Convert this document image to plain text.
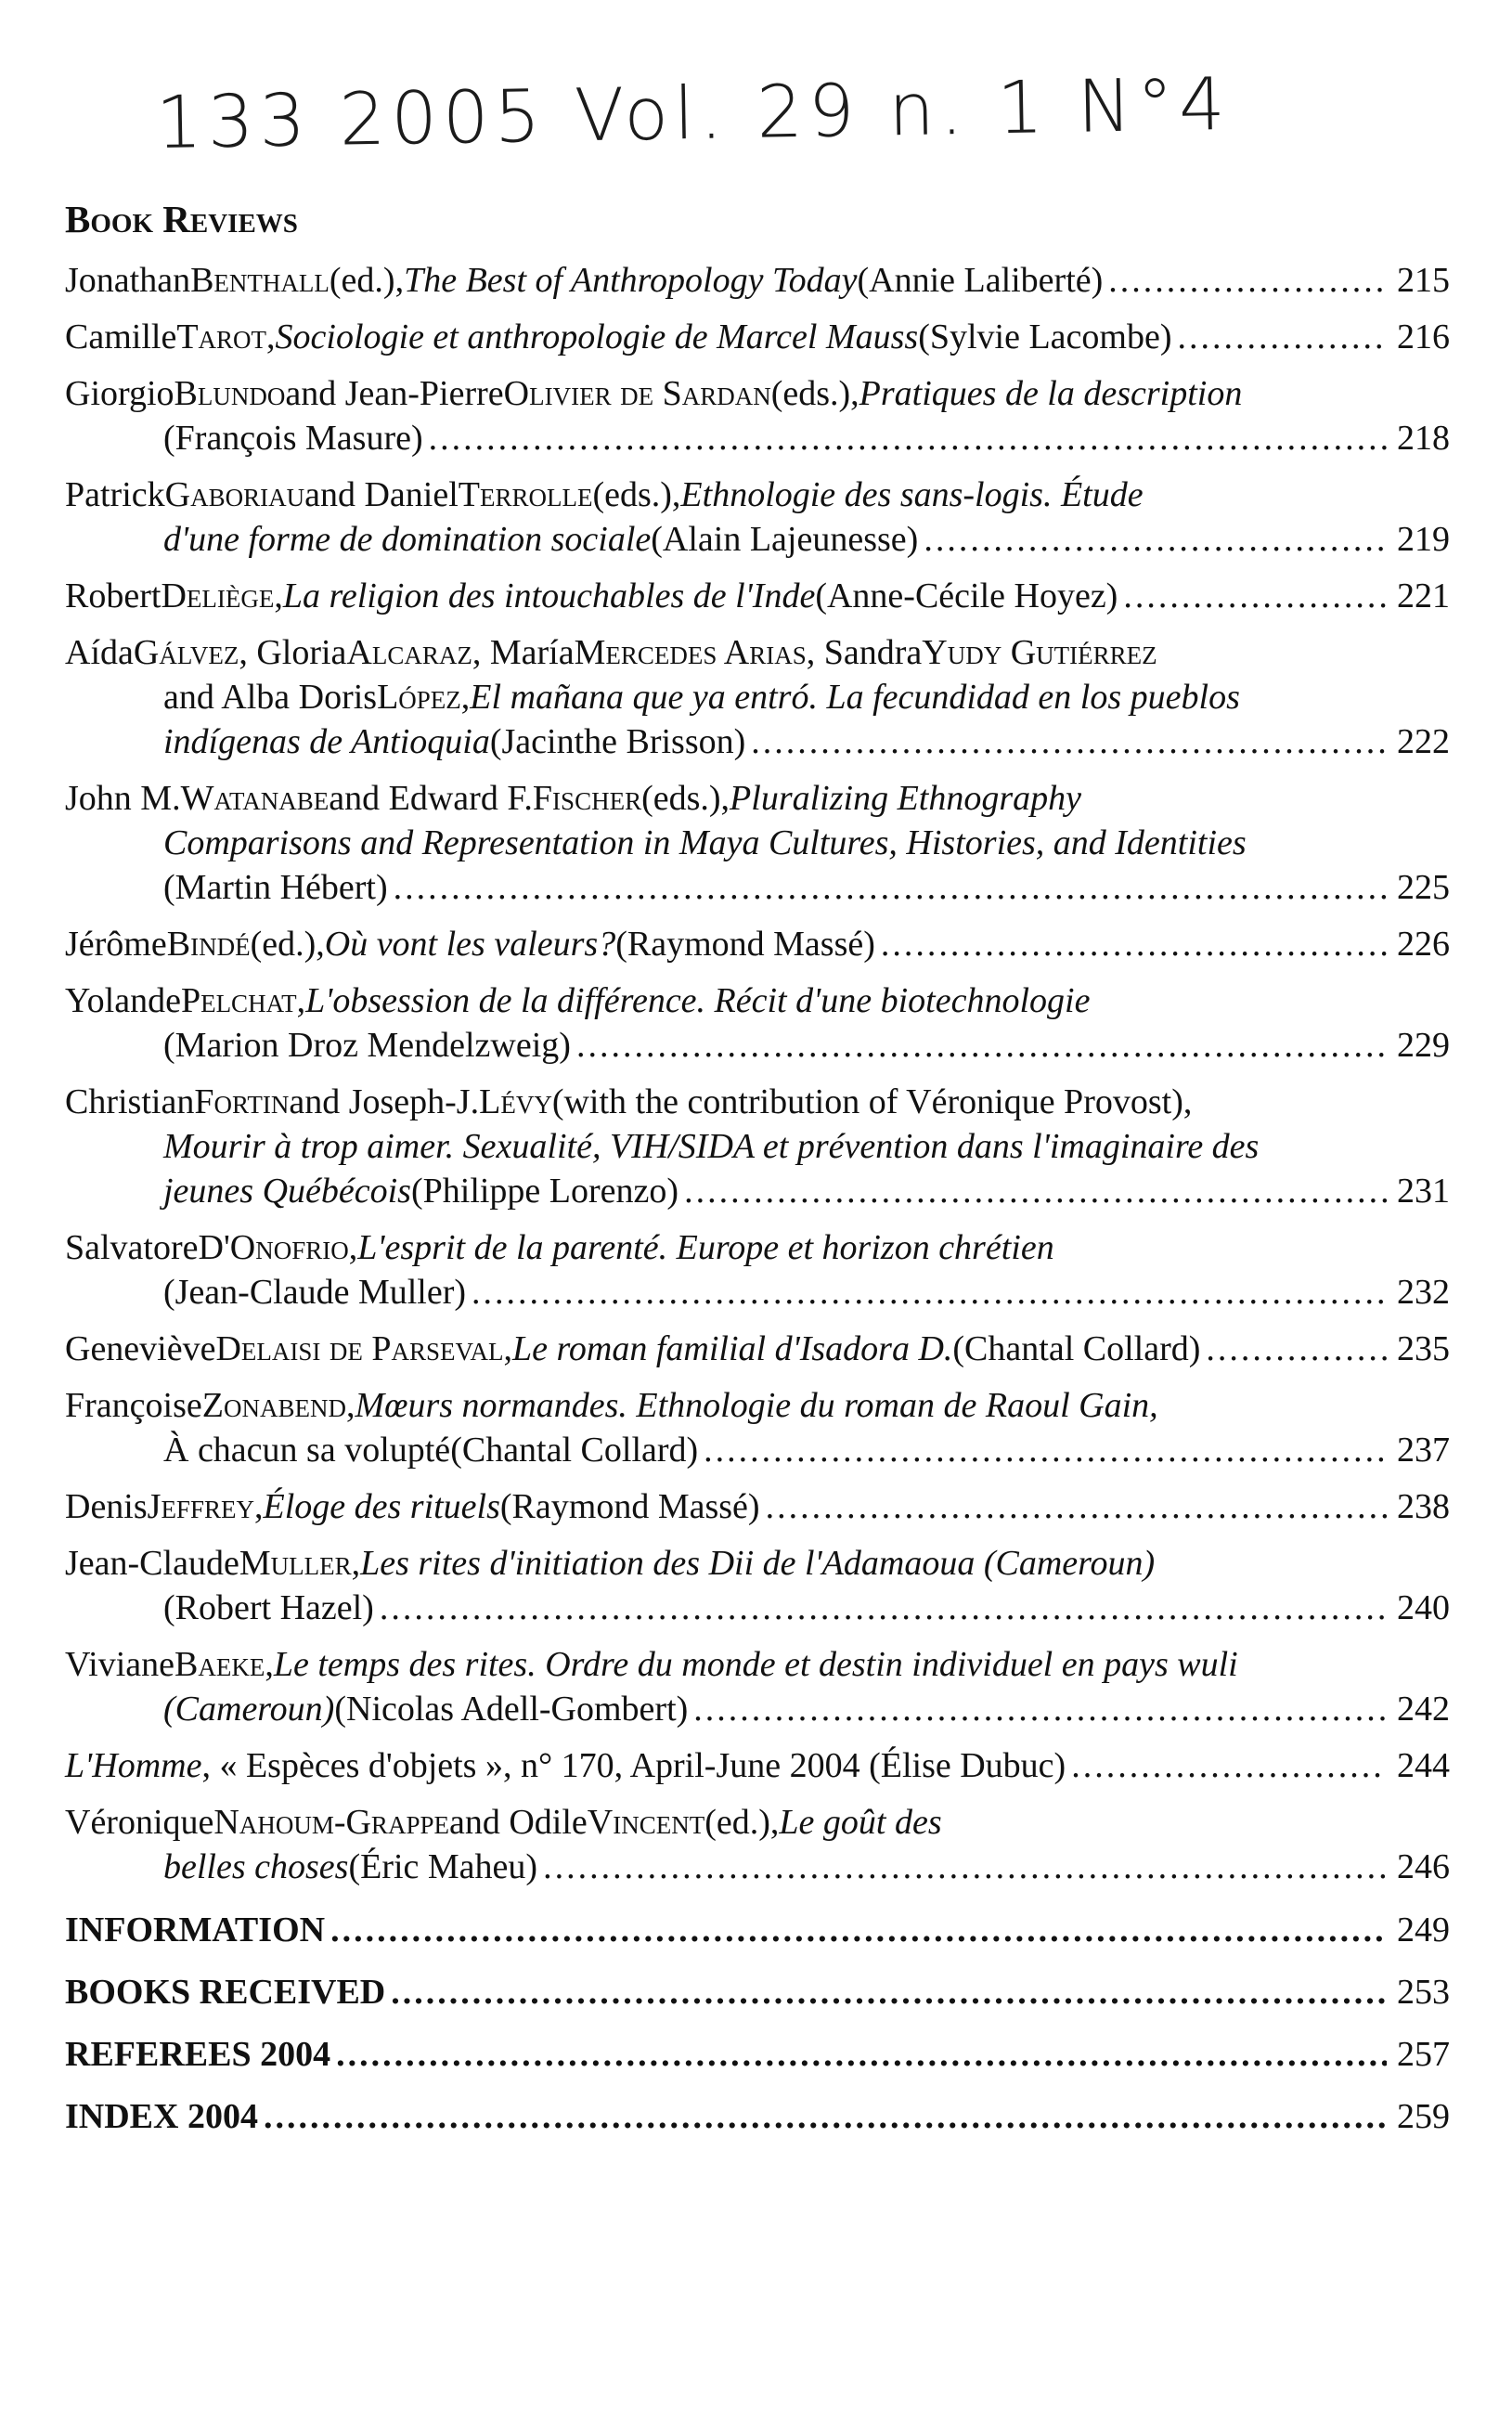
133 2005 Vol. 29 n. 1 N°4
Book Reviews
Jonathan Benthall (ed.), The Best of Anthropology Today (Annie Laliberté) .....	215
Camille Tarot , Sociologie et anthropologie de Marcel Mauss (Sylvie Lacombe) .....	216
Giorgio Blundo and Jean-Pierre Olivier de Sardan (eds.), Pratiques de la description
(François Masure) .....	218
Patrick Gaboriau and Daniel Terrolle (eds.), Ethnologie des sans-logis. Étude
d'une forme de domination sociale (Alain Lajeunesse) .....	219
Robert Deliège , La religion des intouchables de l'Inde (Anne-Cécile Hoyez) .....	221
Aída Gálvez , Gloria Alcaraz , María Mercedes Arias , Sandra Yudy Gutiérrez
and Alba Doris López , El mañana que ya entró. La fecundidad en los pueblos
indígenas de Antioquia (Jacinthe Brisson) .....	222
John M. Watanabe and Edward F. Fischer (eds.), Pluralizing Ethnography
Comparisons and Representation in Maya Cultures, Histories, and Identities
(Martin Hébert) .....	225
Jérôme Bindé (ed.), Où vont les valeurs? (Raymond Massé) .....	226
Yolande Pelchat , L'obsession de la différence. Récit d'une biotechnologie
(Marion Droz Mendelzweig) .....	229
Christian Fortin and Joseph-J. Lévy (with the contribution of Véronique Provost),
Mourir à trop aimer. Sexualité, VIH/SIDA et prévention dans l'imaginaire des
jeunes Québécois (Philippe Lorenzo) .....	231
Salvatore D'Onofrio , L'esprit de la parenté. Europe et horizon chrétien
(Jean-Claude Muller) .....	232
Geneviève Delaisi de Parseval , Le roman familial d'Isadora D. (Chantal Collard) .....	235
Françoise Zonabend , Mœurs normandes. Ethnologie du roman de Raoul Gain,
À chacun sa volupté (Chantal Collard) .....	237
Denis Jeffrey , Éloge des rituels (Raymond Massé) .....	238
Jean-Claude Muller , Les rites d'initiation des Dii de l'Adamaoua (Cameroun)
(Robert Hazel) .....	240
Viviane Baeke , Le temps des rites. Ordre du monde et destin individuel en pays wuli
(Cameroun) (Nicolas Adell-Gombert) .....	242
L'Homme , « Espèces d'objets », n° 170, April-June 2004 (Élise Dubuc) .....	244
Véronique Nahoum-Grappe and Odile Vincent (ed.), Le goût des
belles choses (Éric Maheu) .....	246
INFORMATION .....	249
BOOKS RECEIVED .....	253
REFEREES 2004 .....	257
INDEX 2004 .....	259
